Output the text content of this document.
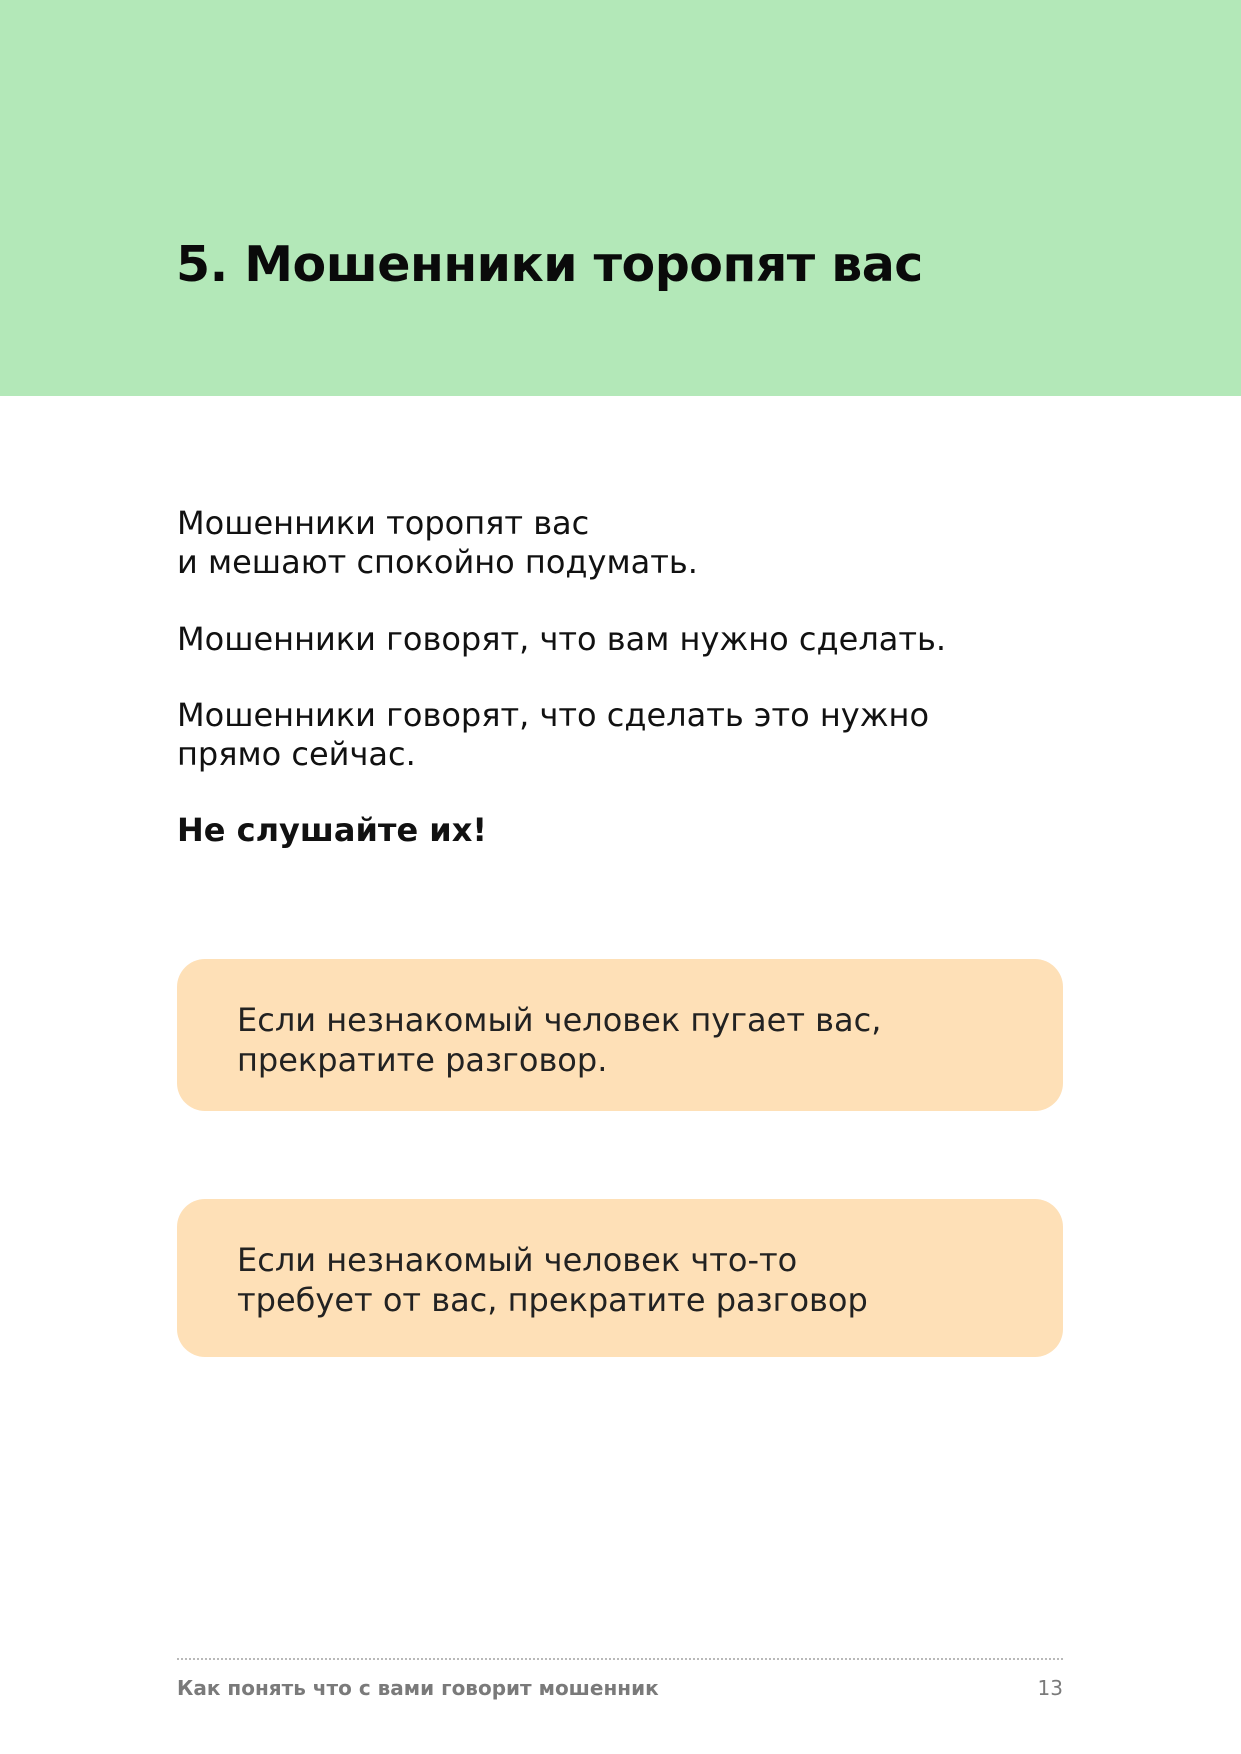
5. Мошенники торопят вас

Мошенники торопят вас
и мешают спокойно подумать.

Мошенники говорят, что вам нужно сделать.

Мошенники говорят, что сделать это нужно
прямо сейчас.

Не слушайте их!

Если незнакомый человек пугает вас,
прекратите разговор.

Если незнакомый человек что-то
требует от вас, прекратите разговор

Как понять что с вами говорит мошенник	13
